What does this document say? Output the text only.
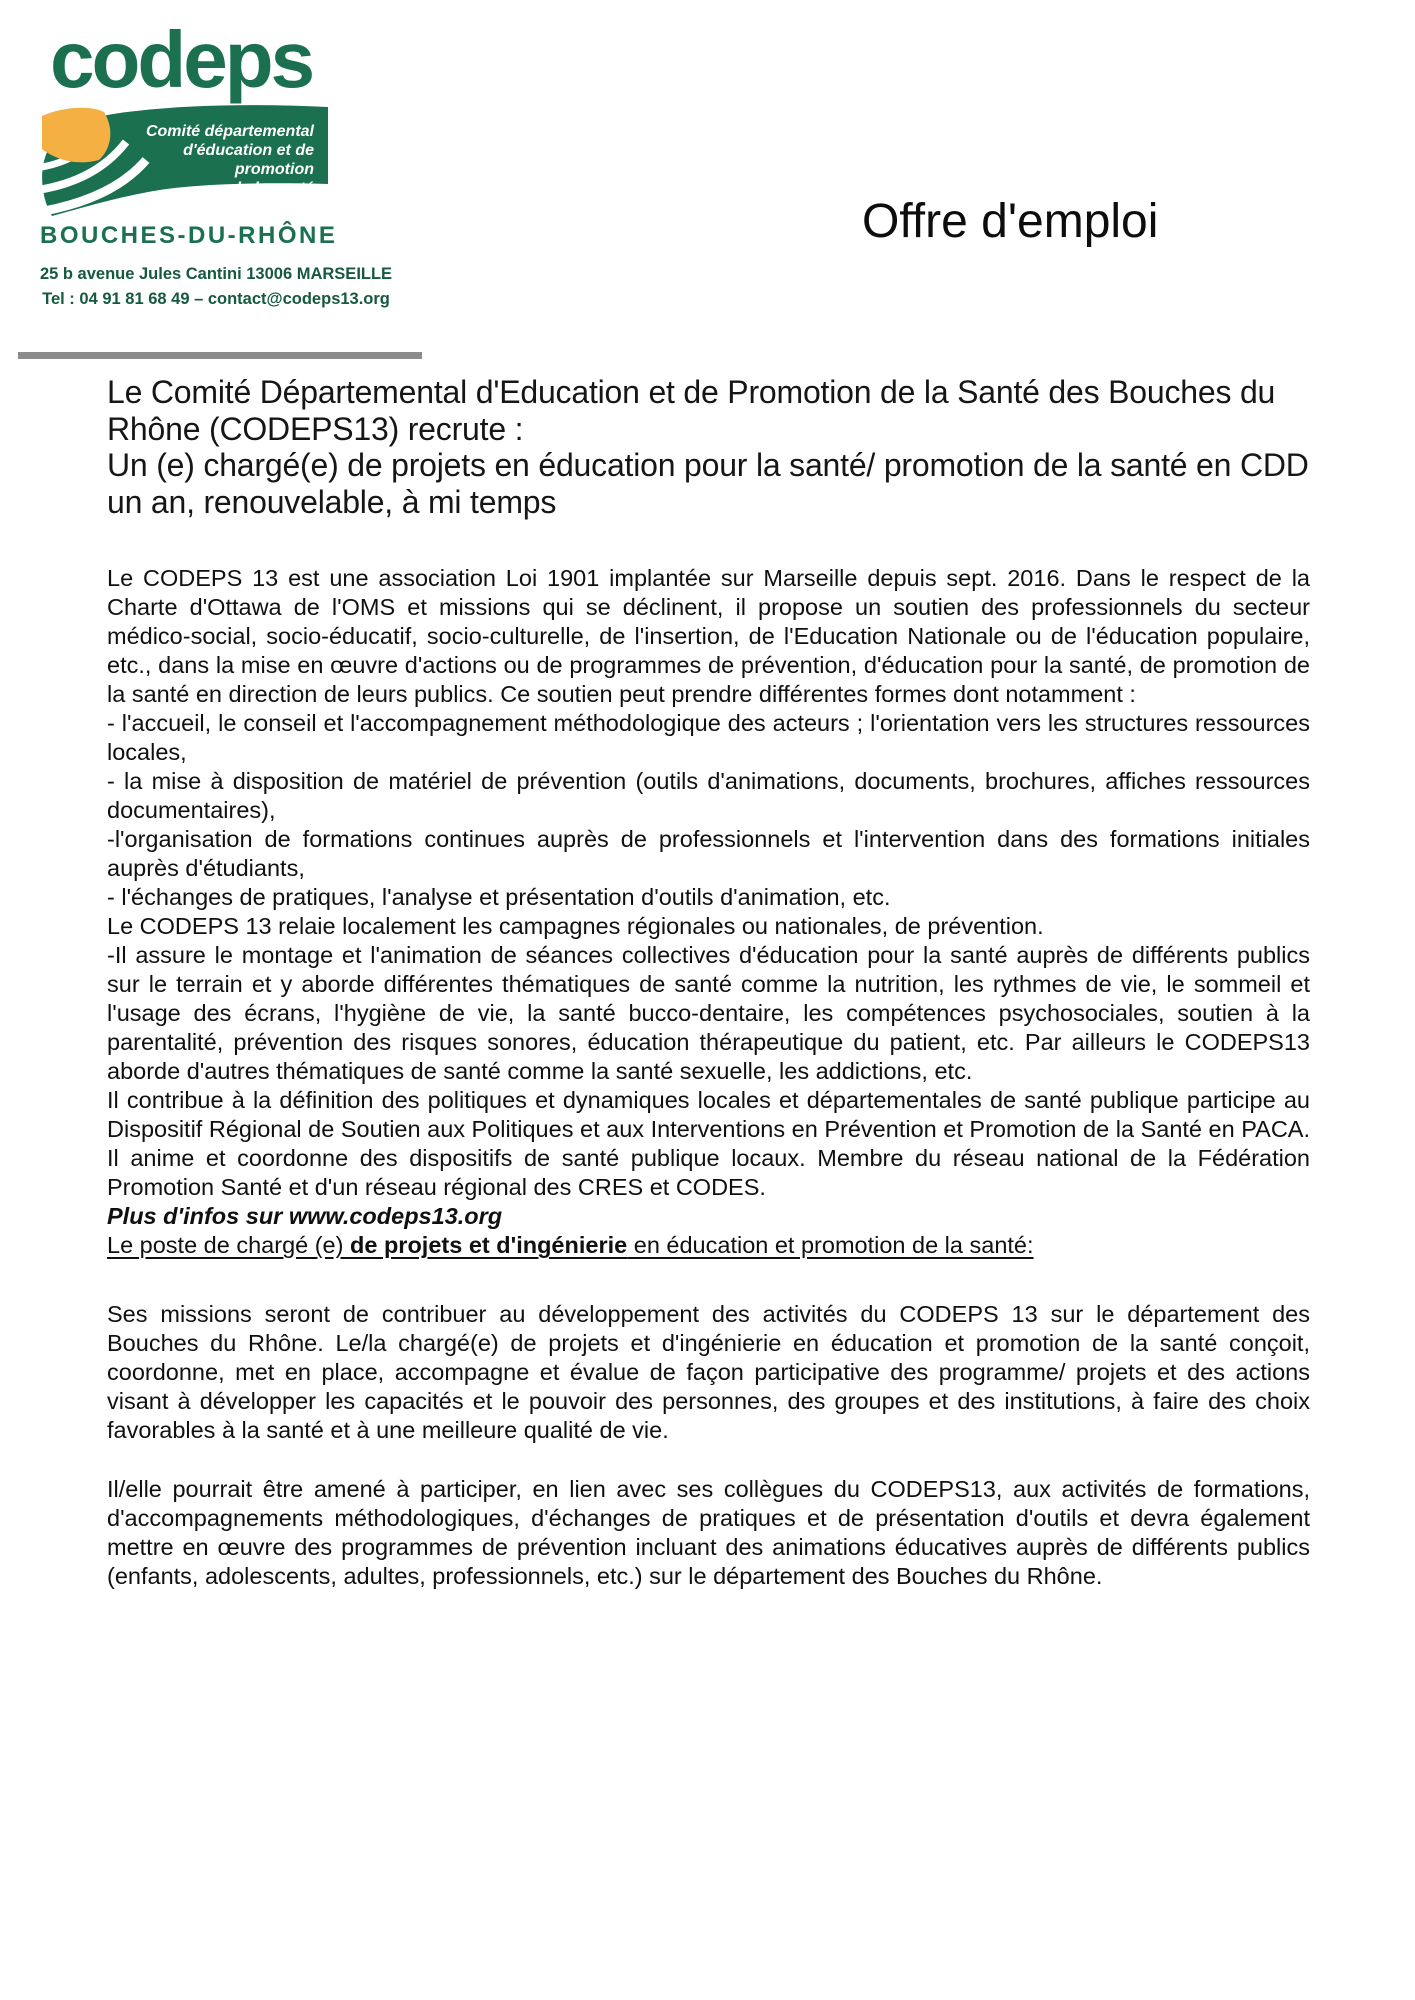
codeps
Comité départemental
d'éducation et de promotion
de la santé
BOUCHES-DU-RHÔNE
25 b avenue Jules Cantini 13006 MARSEILLE
Tel : 04 91 81 68 49 – contact@codeps13.org
Offre d'emploi

Le Comité Départemental d'Education et de Promotion de la Santé des Bouches du Rhône (CODEPS13) recrute :

Un (e) chargé(e) de projets en éducation pour la santé/ promotion de la santé en CDD un an, renouvelable, à mi temps

Le CODEPS 13 est une association Loi 1901 implantée sur Marseille depuis sept. 2016. Dans le respect de la Charte d'Ottawa de l'OMS et missions qui se déclinent, il propose un soutien des professionnels du secteur médico-social, socio-éducatif, socio-culturelle, de l'insertion, de l'Education Nationale ou de l'éducation populaire, etc., dans la mise en œuvre d'actions ou de programmes de prévention, d'éducation pour la santé, de promotion de la santé en direction de leurs publics. Ce soutien peut prendre différentes formes dont notamment :

- l'accueil, le conseil et l'accompagnement méthodologique des acteurs ; l'orientation vers les structures ressources locales,

- la mise à disposition de matériel de prévention (outils d'animations, documents, brochures, affiches ressources documentaires),

-l'organisation de formations continues auprès de professionnels et l'intervention dans des formations initiales auprès d'étudiants,

- l'échanges de pratiques, l'analyse et présentation d'outils d'animation, etc.

Le CODEPS 13 relaie localement les campagnes régionales ou nationales, de prévention.

-Il assure le montage et l'animation de séances collectives d'éducation pour la santé auprès de différents publics sur le terrain et y aborde différentes thématiques de santé comme la nutrition, les rythmes de vie, le sommeil et l'usage des écrans, l'hygiène de vie, la santé bucco-dentaire, les compétences psychosociales, soutien à la parentalité, prévention des risques sonores, éducation thérapeutique du patient, etc. Par ailleurs le CODEPS13 aborde d'autres thématiques de santé comme la santé sexuelle, les addictions, etc.

Il contribue à la définition des politiques et dynamiques locales et départementales de santé publique participe au Dispositif Régional de Soutien aux Politiques et aux Interventions en Prévention et Promotion de la Santé en PACA. Il anime et coordonne des dispositifs de santé publique locaux. Membre du réseau national de la Fédération Promotion Santé et d'un réseau régional des CRES et CODES.

Plus d'infos sur www.codeps13.org

Le poste de chargé (e) de projets et d'ingénierie en éducation et promotion de la santé:

Ses missions seront de contribuer au développement des activités du CODEPS 13 sur le département des Bouches du Rhône. Le/la chargé(e) de projets et d'ingénierie en éducation et promotion de la santé conçoit, coordonne, met en place, accompagne et évalue de façon participative des programme/ projets et des actions visant à développer les capacités et le pouvoir des personnes, des groupes et des institutions, à faire des choix favorables à la santé et à une meilleure qualité de vie.

Il/elle pourrait être amené à participer, en lien avec ses collègues du CODEPS13, aux activités de formations, d'accompagnements méthodologiques, d'échanges de pratiques et de présentation d'outils et devra également mettre en œuvre des programmes de prévention incluant des animations éducatives auprès de différents publics (enfants, adolescents, adultes, professionnels, etc.) sur le département des Bouches du Rhône.
